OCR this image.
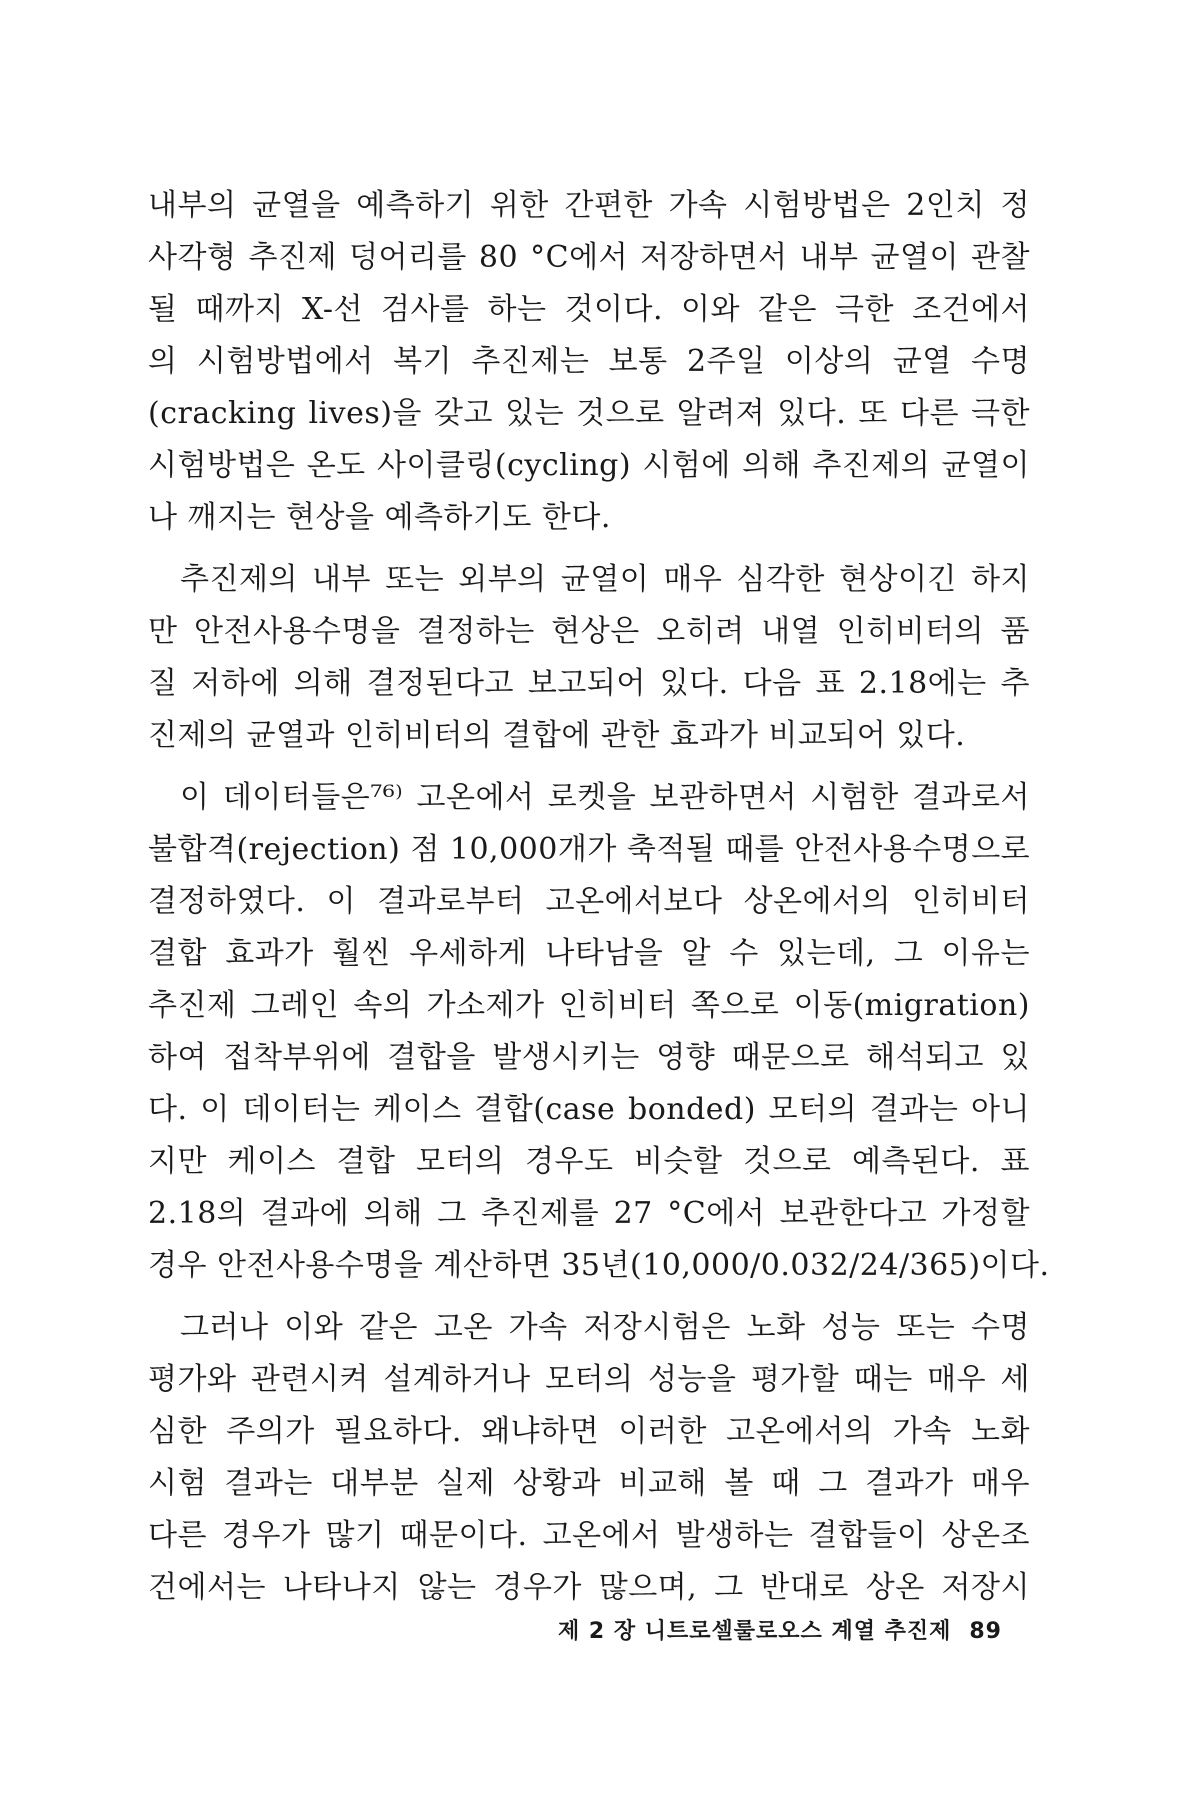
내부의 균열을 예측하기 위한 간편한 가속 시험방법은 2인치 정
사각형 추진제 덩어리를 80 °C에서 저장하면서 내부 균열이 관찰
될 때까지 X-선 검사를 하는 것이다. 이와 같은 극한 조건에서
의 시험방법에서 복기 추진제는 보통 2주일 이상의 균열 수명
(cracking lives)을 갖고 있는 것으로 알려져 있다. 또 다른 극한
시험방법은 온도 사이클링(cycling) 시험에 의해 추진제의 균열이
나 깨지는 현상을 예측하기도 한다.
추진제의 내부 또는 외부의 균열이 매우 심각한 현상이긴 하지
만 안전사용수명을 결정하는 현상은 오히려 내열 인히비터의 품
질 저하에 의해 결정된다고 보고되어 있다. 다음 표 2.18에는 추
진제의 균열과 인히비터의 결합에 관한 효과가 비교되어 있다.
이 데이터들은⁷⁶⁾ 고온에서 로켓을 보관하면서 시험한 결과로서
불합격(rejection) 점 10,000개가 축적될 때를 안전사용수명으로
결정하였다. 이 결과로부터 고온에서보다 상온에서의 인히비터
결합 효과가 훨씬 우세하게 나타남을 알 수 있는데, 그 이유는
추진제 그레인 속의 가소제가 인히비터 쪽으로 이동(migration)
하여 접착부위에 결합을 발생시키는 영향 때문으로 해석되고 있
다. 이 데이터는 케이스 결합(case bonded) 모터의 결과는 아니
지만 케이스 결합 모터의 경우도 비슷할 것으로 예측된다. 표
2.18의 결과에 의해 그 추진제를 27 °C에서 보관한다고 가정할
경우 안전사용수명을 계산하면 35년(10,000/0.032/24/365)이다.
그러나 이와 같은 고온 가속 저장시험은 노화 성능 또는 수명
평가와 관련시켜 설계하거나 모터의 성능을 평가할 때는 매우 세
심한 주의가 필요하다. 왜냐하면 이러한 고온에서의 가속 노화
시험 결과는 대부분 실제 상황과 비교해 볼 때 그 결과가 매우
다른 경우가 많기 때문이다. 고온에서 발생하는 결합들이 상온조
건에서는 나타나지 않는 경우가 많으며, 그 반대로 상온 저장시
제 2 장 니트로셀룰로오스 계열 추진제 89
